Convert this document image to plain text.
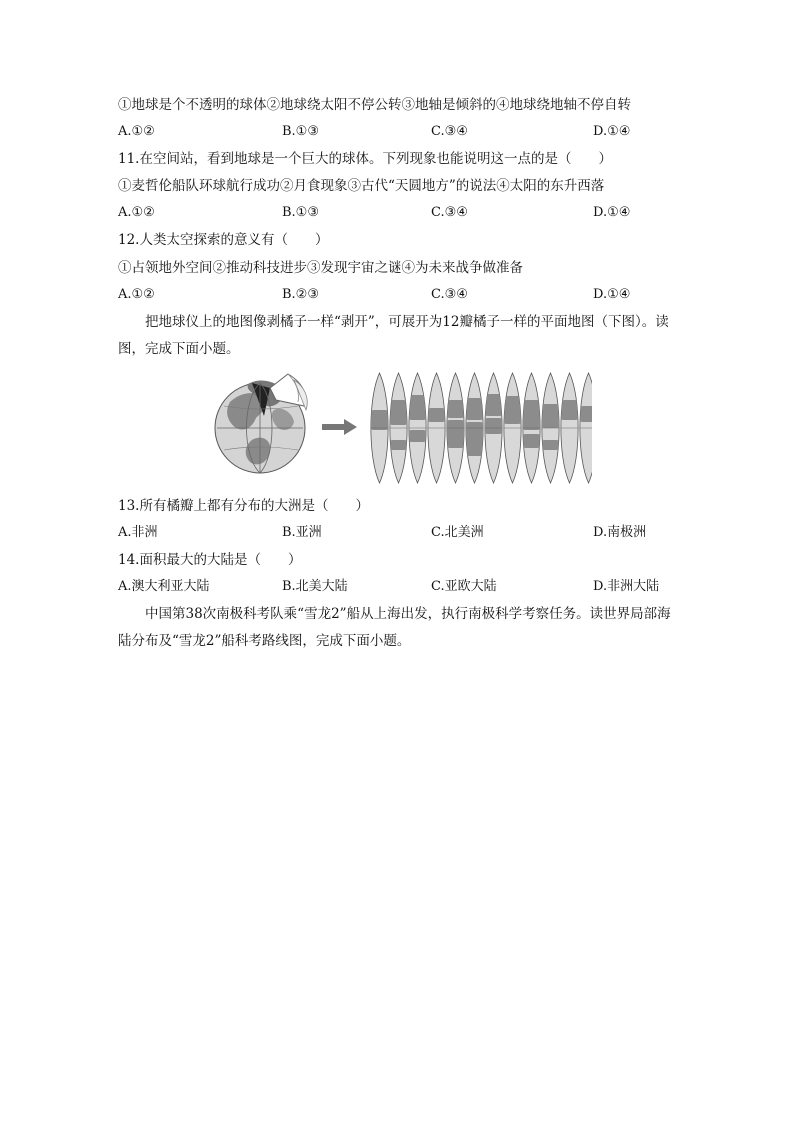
①地球是个不透明的球体②地球绕太阳不停公转③地轴是倾斜的④地球绕地轴不停自转
A.①②	B.①③	C.③④	D.①④
11.在空间站，看到地球是一个巨大的球体。下列现象也能说明这一点的是（　　）
①麦哲伦船队环球航行成功②月食现象③古代“天圆地方”的说法④太阳的东升西落
A.①②	B.①③	C.③④	D.①④
12.人类太空探索的意义有（　　）
①占领地外空间②推动科技进步③发现宇宙之谜④为未来战争做准备
A.①②	B.②③	C.③④	D.①④
把地球仪上的地图像剥橘子一样“剥开”，可展开为12瓣橘子一样的平面地图（下图）。读图，完成下面小题。
13.所有橘瓣上都有分布的大洲是（　　）
A.非洲	B.亚洲	C.北美洲	D.南极洲
14.面积最大的大陆是（　　）
A.澳大利亚大陆	B.北美大陆	C.亚欧大陆	D.非洲大陆
中国第38次南极科考队乘“雪龙2”船从上海出发，执行南极科学考察任务。读世界局部海陆分布及“雪龙2”船科考路线图，完成下面小题。
